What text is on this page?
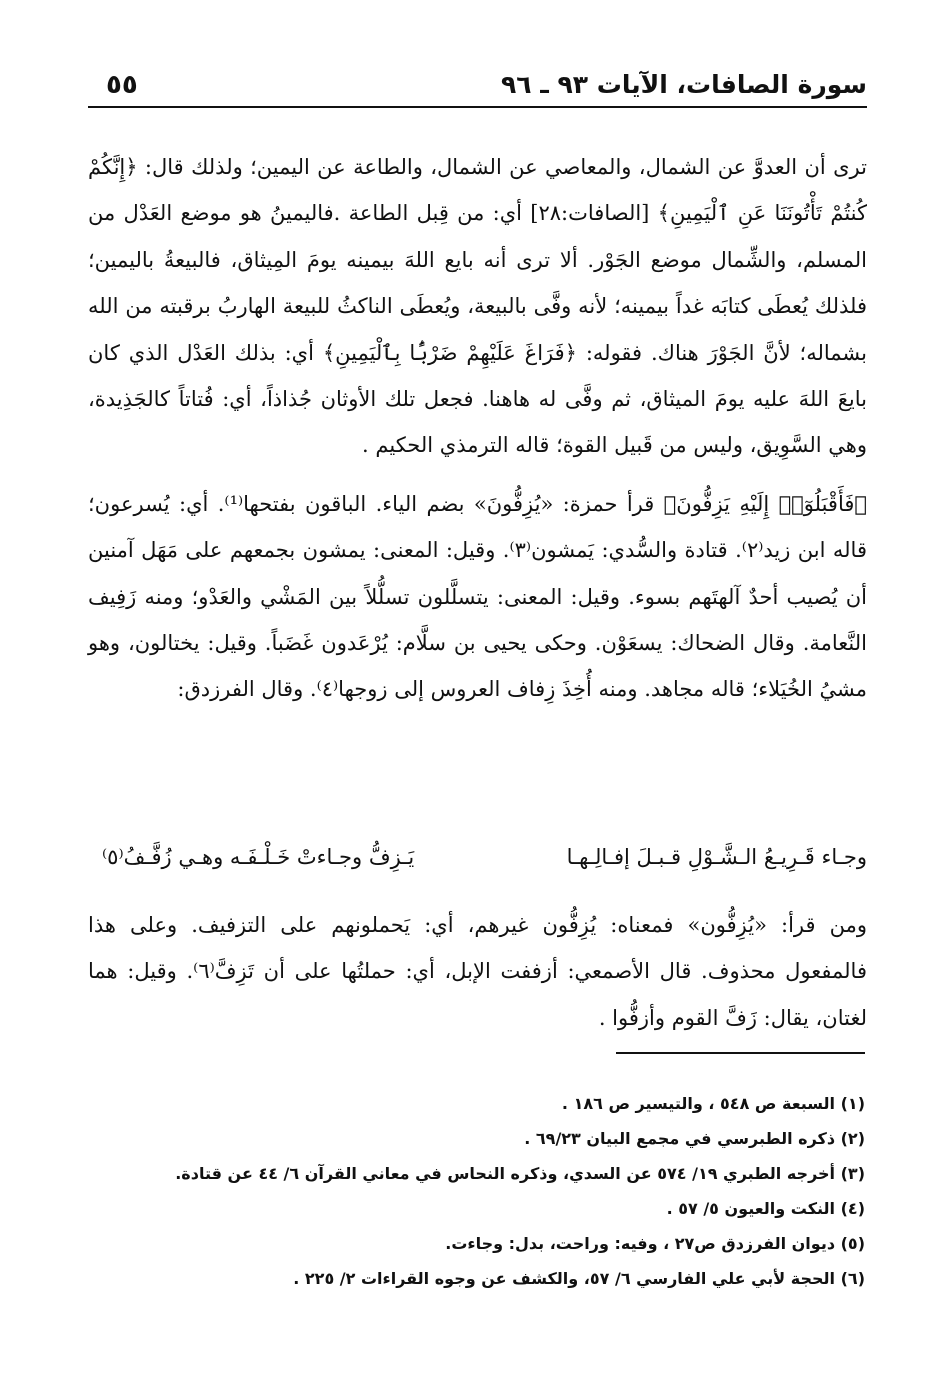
سورة الصافات، الآيات ٩٣ ـ ٩٦
٥٥

ترى أن العدوَّ عن الشمال، والمعاصي عن الشمال، والطاعة عن اليمين؛ ولذلك قال: ﴿إِنَّكُمْ كُنتُمْ تَأْتُونَنَا عَنِ ٱلْيَمِينِ﴾ [الصافات:٢٨] أي: من قِبل الطاعة .فاليمينُ هو موضع العَدْل من المسلم، والشِّمال موضع الجَوْر. ألا ترى أنه بايع اللهَ بيمينه يومَ المِيثاق، فالبيعةُ باليمين؛ فلذلك يُعطَى كتابَه غداً بيمينه؛ لأنه وفَّى بالبيعة، ويُعطَى الناكثُ للبيعة الهاربُ برقبته من الله بشماله؛ لأنَّ الجَوْرَ هناك. فقوله: ﴿فَرَاغَ عَلَيْهِمْ ضَرْبًۢا بِٱلْيَمِينِ﴾ أي: بذلك العَدْل الذي كان بايعَ اللهَ عليه يومَ الميثاق، ثم وفَّى له هاهنا. فجعل تلك الأوثان جُذاذاً، أي: فُتاتاً كالجَذِيدة، وهي السَّوِيق، وليس من قَبيل القوة؛ قاله الترمذي الحكيم .

﴿فَأَقْبَلُوٓا۟ إِلَيْهِ يَزِفُّونَ﴾ قرأ حمزة: «يُزِفُّونَ» بضم الياء. الباقون بفتحها⁽¹⁾. أي: يُسرعون؛ قاله ابن زيد⁽٢⁾. قتادة والسُّدي: يَمشون⁽٣⁾. وقيل: المعنى: يمشون بجمعهم على مَهَل آمنين أن يُصيب أحدٌ آلهتَهم بسوء. وقيل: المعنى: يتسلَّلون تسلُّلاً بين المَشْي والعَدْو؛ ومنه زَفِيف النَّعامة. وقال الضحاك: يسعَوْن. وحكى يحيى بن سلَّام: يُرْعَدون غَضَباً. وقيل: يختالون، وهو مشيُ الخُيَلاء؛ قاله مجاهد. ومنه أُخِذَ زِفاف العروس إلى زوجها⁽٤⁾. وقال الفرزدق:

وجـاء قَـرِيـعُ الـشَّـوْلِ قـبـلَ إفـالِـهـا
يَـزِفُّ وجـاءتْ خَـلْـفَـه وهـي زُفَّـفُ⁽٥⁾

ومن قرأ: «يُزِفُّون» فمعناه: يُزِفُّون غيرهم، أي: يَحملونهم على التزفيف. وعلى هذا فالمفعول محذوف. قال الأصمعي: أزففت الإبل، أي: حملتُها على أن تَزِفَّ⁽٦⁾. وقيل: هما لغتان، يقال: زَفَّ القوم وأزفُّوا .

(١) السبعة ص ٥٤٨ ، والتيسير ص ١٨٦ .
(٢) ذكره الطبرسي في مجمع البيان ٦٩/٢٣ .
(٣) أخرجه الطبري ١٩/ ٥٧٤ عن السدي، وذكره النحاس في معاني القرآن ٦/ ٤٤ عن قتادة.
(٤) النكت والعيون ٥/ ٥٧ .
(٥) ديوان الفرزدق ص٢٧ ، وفيه: وراحت، بدل: وجاءت.
(٦) الحجة لأبي علي الفارسي ٦/ ٥٧، والكشف عن وجوه القراءات ٢/ ٢٢٥ .
